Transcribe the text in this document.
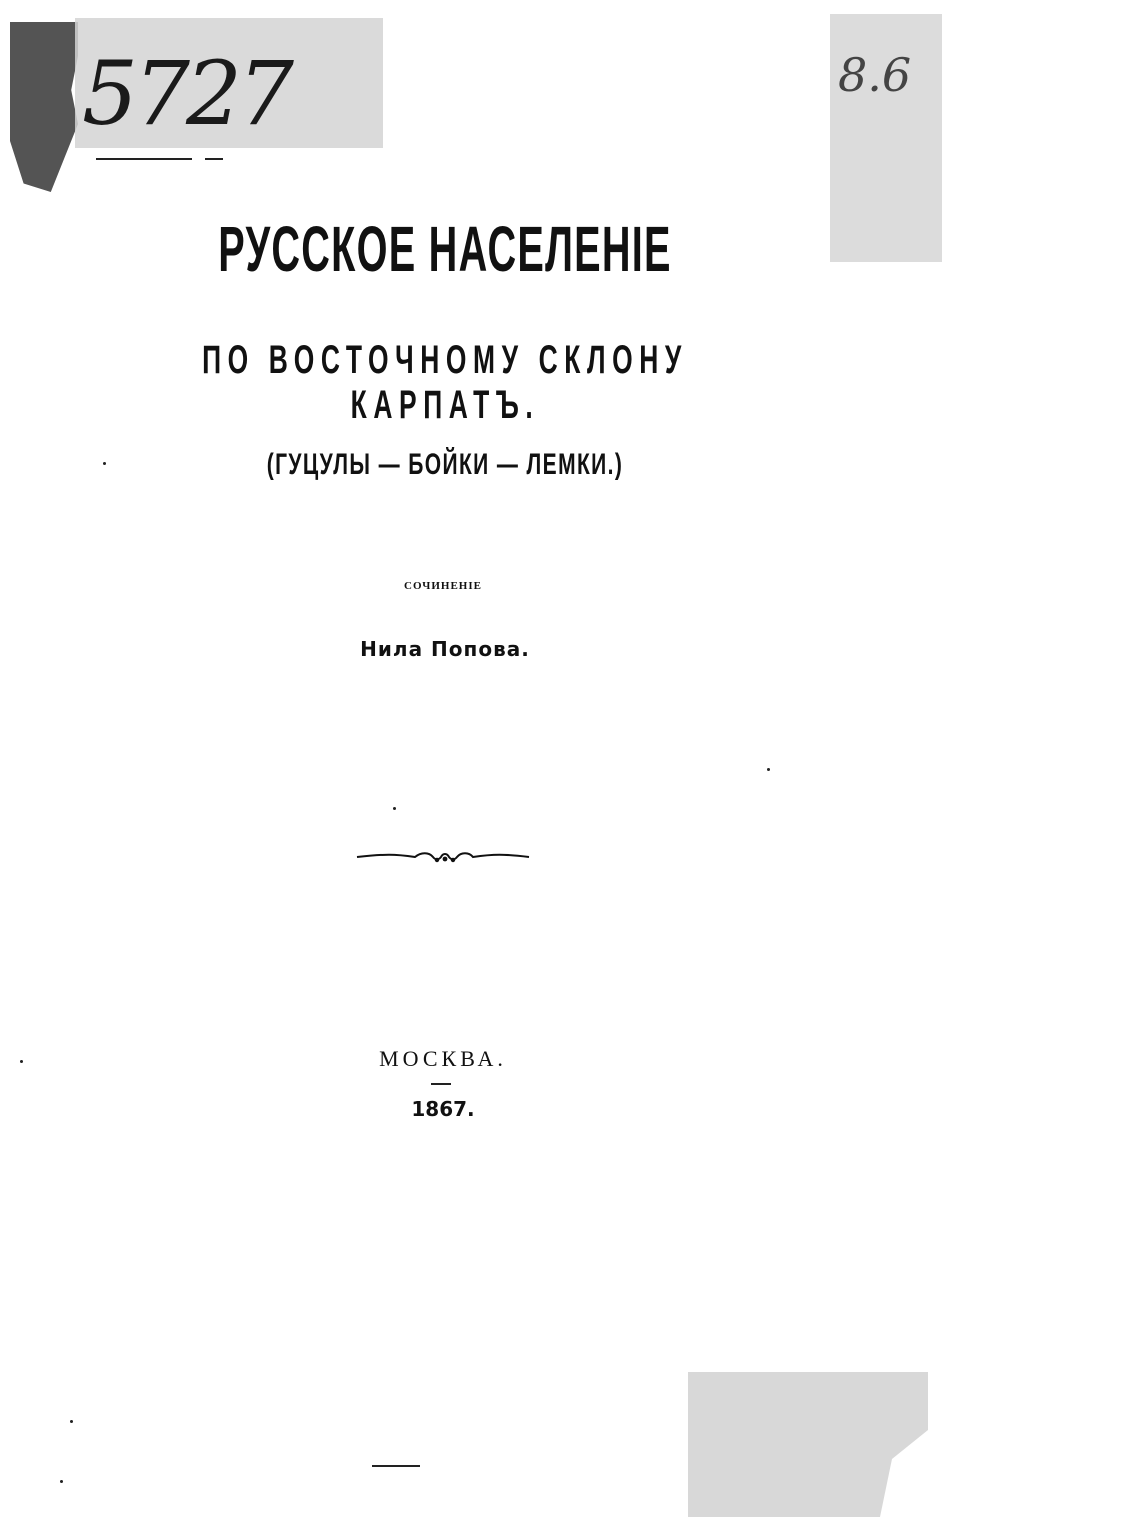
5727	8.6
РУССКОЕ НАСЕЛЕНІЕ
ПО ВОСТОЧНОМУ СКЛОНУ КАРПАТЪ.
(ГУЦУЛЫ — БОЙКИ — ЛЕМКИ.)
СОЧИНЕНІЕ
Нила Попова.
МОСКВА.
1867.
